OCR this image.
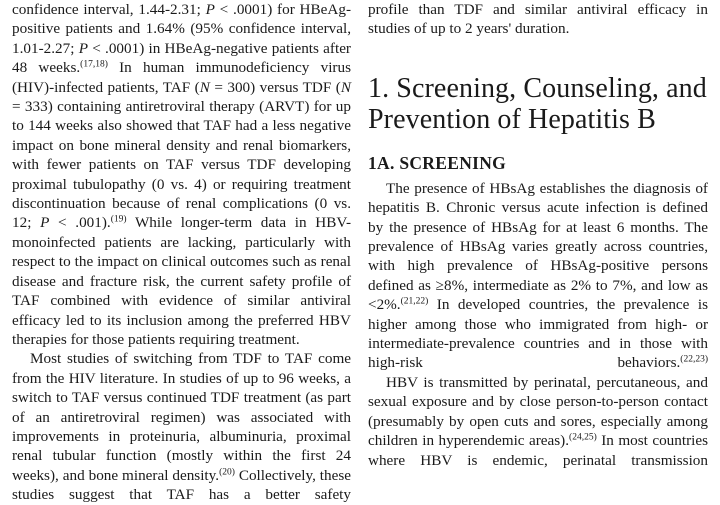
confidence interval, 1.44-2.31; P < .0001) for HBeAg-positive patients and 1.64% (95% confidence interval, 1.01-2.27; P < .0001) in HBeAg-negative patients after 48 weeks.$^{(17,18)}$ In human immunodeficiency virus (HIV)-infected patients, TAF (N = 300) versus TDF (N = 333) containing antiretroviral therapy (ARVT) for up to 144 weeks also showed that TAF had a less negative impact on bone mineral density and renal biomarkers, with fewer patients on TAF versus TDF developing proximal tubulopathy (0 vs. 4) or requiring treatment discontinuation because of renal complications (0 vs. 12; P < .001).$^{(19)}$ While longer-term data in HBV-monoinfected patients are lacking, particularly with respect to the impact on clinical outcomes such as renal disease and fracture risk, the current safety profile of TAF combined with evidence of similar antiviral efficacy led to its inclusion among the preferred HBV therapies for those patients requiring treatment.

Most studies of switching from TDF to TAF come from the HIV literature. In studies of up to 96 weeks, a switch to TAF versus continued TDF treatment (as part of an antiretroviral regimen) was associated with improvements in proteinuria, albuminuria, proximal renal tubular function (mostly within the first 24 weeks), and bone mineral density.$^{(20)}$ Collectively, these studies suggest that TAF has a better safety

profile than TDF and similar antiviral efficacy in studies of up to 2 years' duration.

1. Screening, Counseling, and Prevention of Hepatitis B
1A. SCREENING

The presence of HBsAg establishes the diagnosis of hepatitis B. Chronic versus acute infection is defined by the presence of HBsAg for at least 6 months. The prevalence of HBsAg varies greatly across countries, with high prevalence of HBsAg-positive persons defined as ≥8%, intermediate as 2% to 7%, and low as <2%.$^{(21,22)}$ In developed countries, the prevalence is higher among those who immigrated from high- or intermediate-prevalence countries and in those with high-risk behaviors.$^{(22,23)}$

HBV is transmitted by perinatal, percutaneous, and sexual exposure and by close person-to-person contact (presumably by open cuts and sores, especially among children in hyperendemic areas).$^{(24,25)}$ In most countries where HBV is endemic, perinatal transmission
